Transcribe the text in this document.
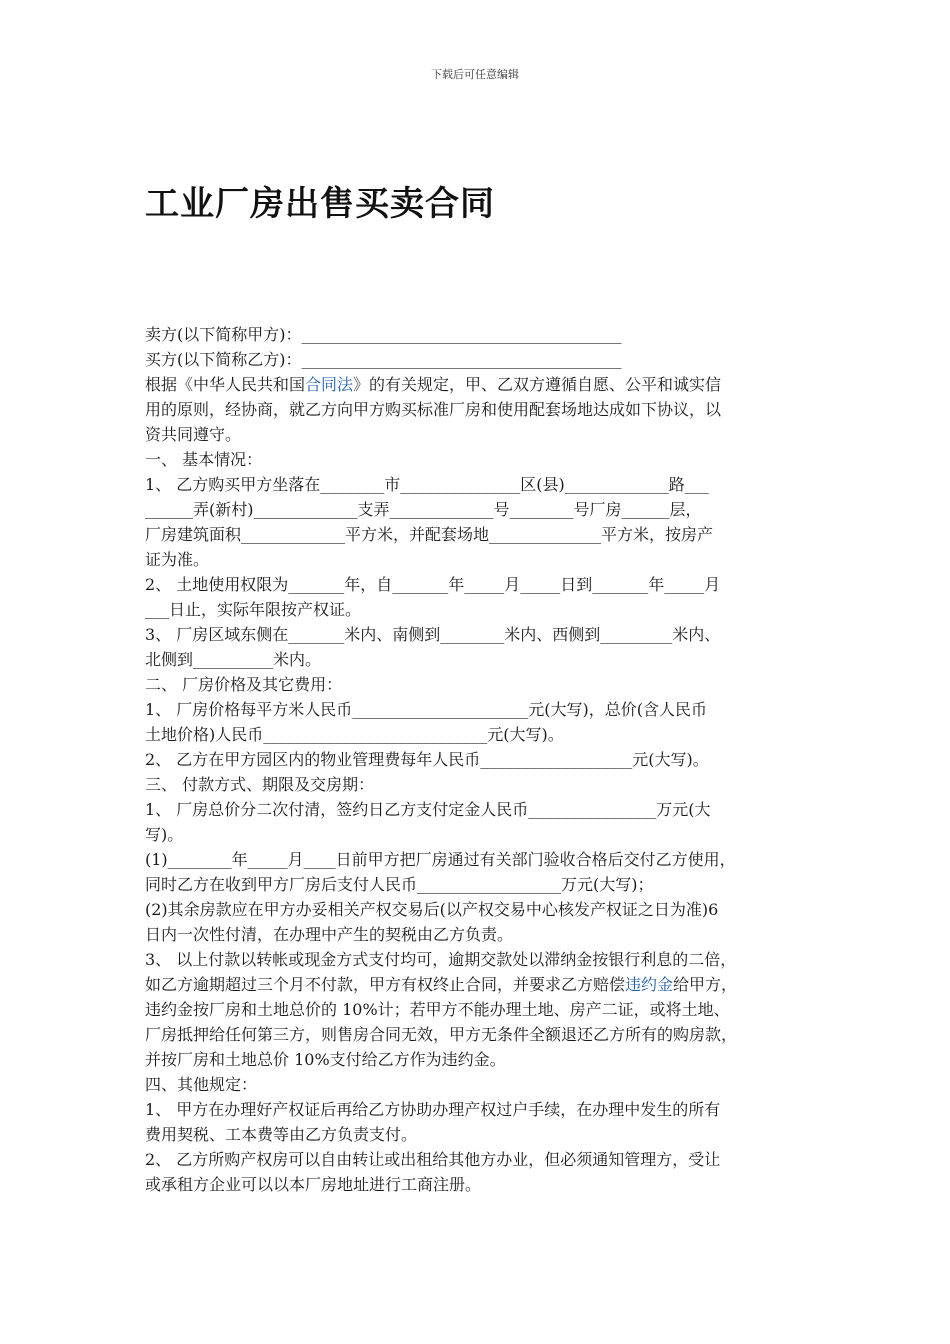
下载后可任意编辑
工业厂房出售买卖合同
卖方(以下简称甲方)：________________________________________
买方(以下简称乙方)：________________________________________
根据《中华人民共和国合同法》的有关规定，甲、乙双方遵循自愿、公平和诚实信
用的原则，经协商，就乙方向甲方购买标准厂房和使用配套场地达成如下协议，以
资共同遵守。
一、 基本情况：
1、 乙方购买甲方坐落在________市_______________区(县)_____________路___
______弄(新村)_____________支弄_____________号________号厂房______层，
厂房建筑面积_____________平方米，并配套场地______________平方米，按房产
证为准。
2、 土地使用权限为_______年，自_______年_____月_____日到_______年_____月
___日止，实际年限按产权证。
3、 厂房区域东侧在_______米内、南侧到________米内、西侧到_________米内、
北侧到__________米内。
二、 厂房价格及其它费用：
1、 厂房价格每平方米人民币______________________元(大写)，总价(含人民币
土地价格)人民币____________________________元(大写)。
2、 乙方在甲方园区内的物业管理费每年人民币___________________元(大写)。
三、 付款方式、期限及交房期：
1、 厂房总价分二次付清，签约日乙方支付定金人民币________________万元(大
写)。
(1)________年_____月____日前甲方把厂房通过有关部门验收合格后交付乙方使用，
同时乙方在收到甲方厂房后支付人民币__________________万元(大写)；
(2)其余房款应在甲方办妥相关产权交易后(以产权交易中心核发产权证之日为准)6
日内一次性付清，在办理中产生的契税由乙方负责。
3、 以上付款以转帐或现金方式支付均可，逾期交款处以滞纳金按银行利息的二倍，
如乙方逾期超过三个月不付款，甲方有权终止合同，并要求乙方赔偿违约金给甲方，
违约金按厂房和土地总价的 10%计；若甲方不能办理土地、房产二证，或将土地、
厂房抵押给任何第三方，则售房合同无效，甲方无条件全额退还乙方所有的购房款，
并按厂房和土地总价 10%支付给乙方作为违约金。
四、其他规定：
1、 甲方在办理好产权证后再给乙方协助办理产权过户手续，在办理中发生的所有
费用契税、工本费等由乙方负责支付。
2、 乙方所购产权房可以自由转让或出租给其他方办业，但必须通知管理方，受让
或承租方企业可以以本厂房地址进行工商注册。
